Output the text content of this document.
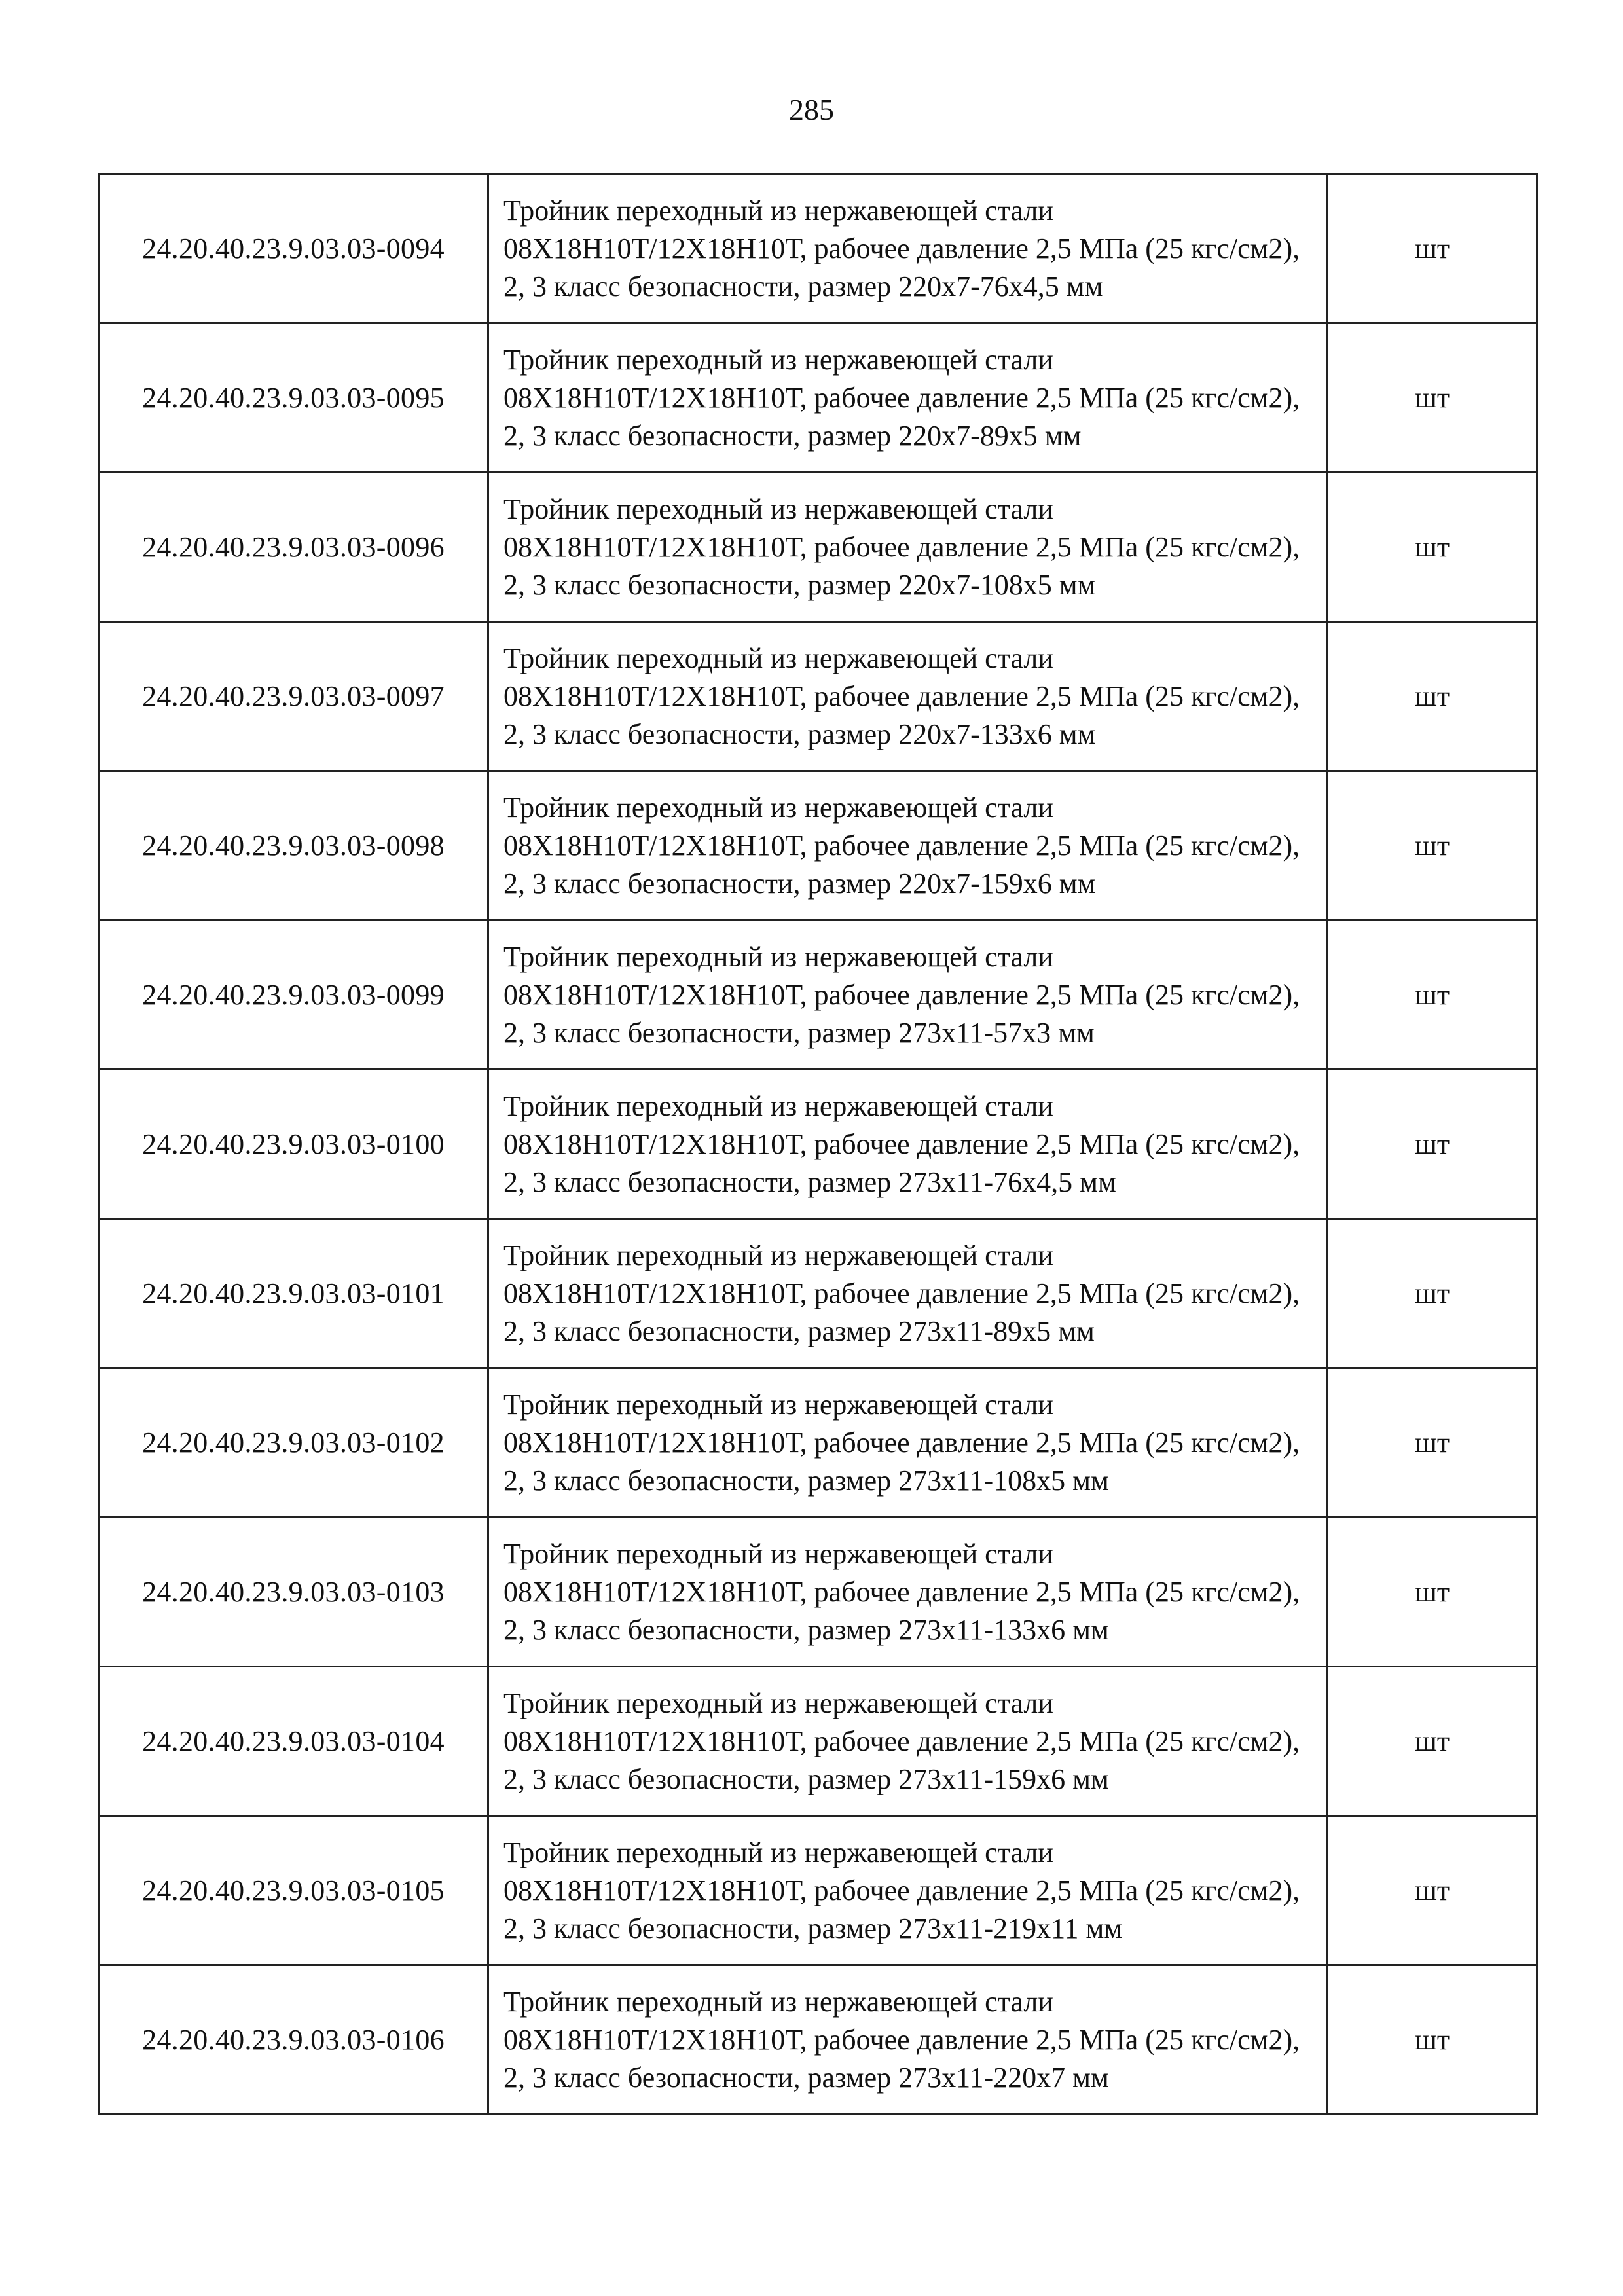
285
24.20.40.23.9.03.03-0094	Тройник переходный из нержавеющей стали 08Х18Н10Т/12Х18Н10Т, рабочее давление 2,5 МПа (25 кгс/см2), 2, 3 класс безопасности, размер 220х7-76х4,5 мм	шт
24.20.40.23.9.03.03-0095	Тройник переходный из нержавеющей стали 08Х18Н10Т/12Х18Н10Т, рабочее давление 2,5 МПа (25 кгс/см2), 2, 3 класс безопасности, размер 220х7-89х5 мм	шт
24.20.40.23.9.03.03-0096	Тройник переходный из нержавеющей стали 08Х18Н10Т/12Х18Н10Т, рабочее давление 2,5 МПа (25 кгс/см2), 2, 3 класс безопасности, размер 220х7-108х5 мм	шт
24.20.40.23.9.03.03-0097	Тройник переходный из нержавеющей стали 08Х18Н10Т/12Х18Н10Т, рабочее давление 2,5 МПа (25 кгс/см2), 2, 3 класс безопасности, размер 220х7-133х6 мм	шт
24.20.40.23.9.03.03-0098	Тройник переходный из нержавеющей стали 08Х18Н10Т/12Х18Н10Т, рабочее давление 2,5 МПа (25 кгс/см2), 2, 3 класс безопасности, размер 220х7-159х6 мм	шт
24.20.40.23.9.03.03-0099	Тройник переходный из нержавеющей стали 08Х18Н10Т/12Х18Н10Т, рабочее давление 2,5 МПа (25 кгс/см2), 2, 3 класс безопасности, размер 273х11-57х3 мм	шт
24.20.40.23.9.03.03-0100	Тройник переходный из нержавеющей стали 08Х18Н10Т/12Х18Н10Т, рабочее давление 2,5 МПа (25 кгс/см2), 2, 3 класс безопасности, размер 273х11-76х4,5 мм	шт
24.20.40.23.9.03.03-0101	Тройник переходный из нержавеющей стали 08Х18Н10Т/12Х18Н10Т, рабочее давление 2,5 МПа (25 кгс/см2), 2, 3 класс безопасности, размер 273х11-89х5 мм	шт
24.20.40.23.9.03.03-0102	Тройник переходный из нержавеющей стали 08Х18Н10Т/12Х18Н10Т, рабочее давление 2,5 МПа (25 кгс/см2), 2, 3 класс безопасности, размер 273х11-108х5 мм	шт
24.20.40.23.9.03.03-0103	Тройник переходный из нержавеющей стали 08Х18Н10Т/12Х18Н10Т, рабочее давление 2,5 МПа (25 кгс/см2), 2, 3 класс безопасности, размер 273х11-133х6 мм	шт
24.20.40.23.9.03.03-0104	Тройник переходный из нержавеющей стали 08Х18Н10Т/12Х18Н10Т, рабочее давление 2,5 МПа (25 кгс/см2), 2, 3 класс безопасности, размер 273х11-159х6 мм	шт
24.20.40.23.9.03.03-0105	Тройник переходный из нержавеющей стали 08Х18Н10Т/12Х18Н10Т, рабочее давление 2,5 МПа (25 кгс/см2), 2, 3 класс безопасности, размер 273х11-219х11 мм	шт
24.20.40.23.9.03.03-0106	Тройник переходный из нержавеющей стали 08Х18Н10Т/12Х18Н10Т, рабочее давление 2,5 МПа (25 кгс/см2), 2, 3 класс безопасности, размер 273х11-220х7 мм	шт
